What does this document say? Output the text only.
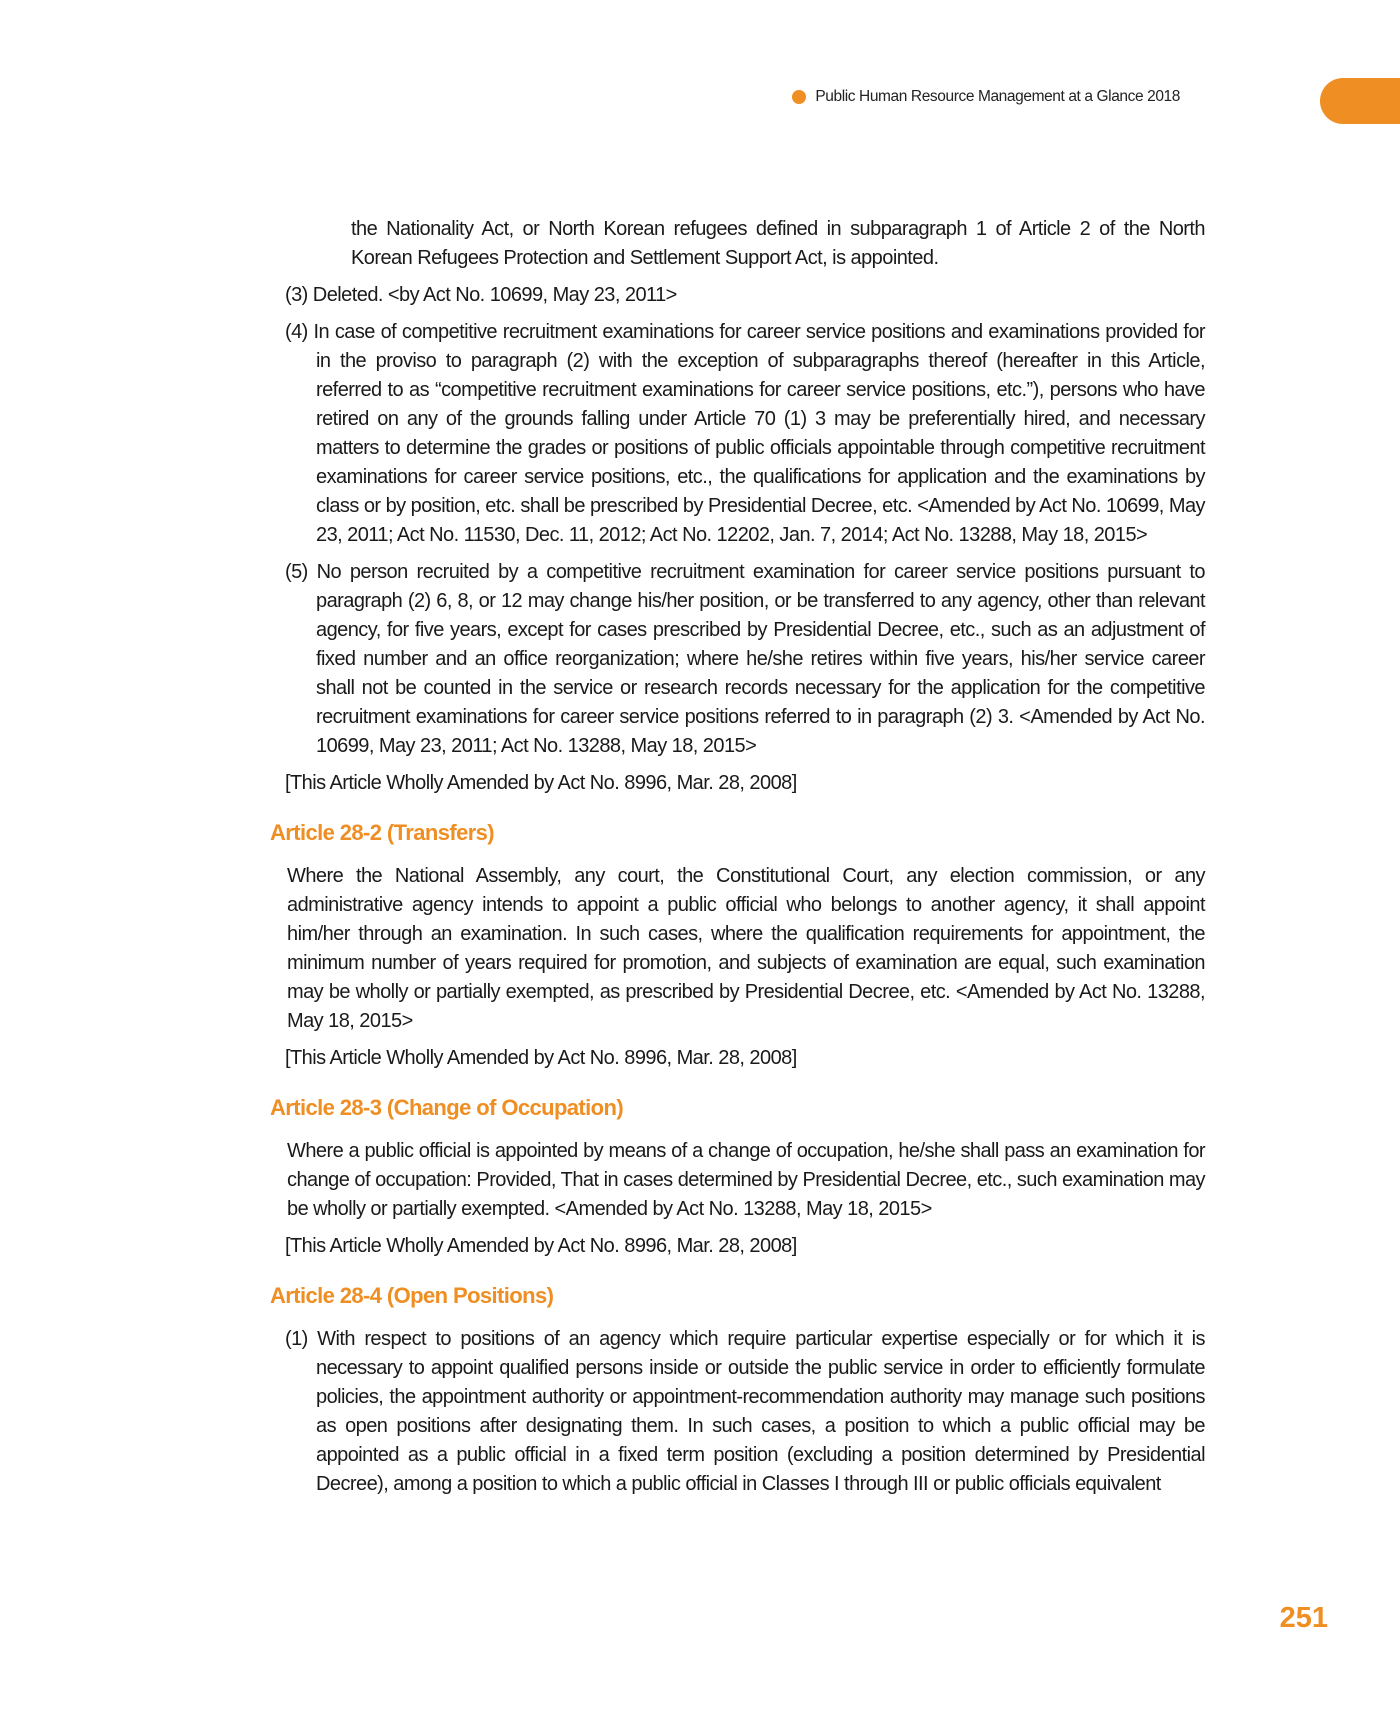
Public Human Resource Management at a Glance 2018

the Nationality Act, or North Korean refugees defined in subparagraph 1 of Article 2 of the North Korean Refugees Protection and Settlement Support Act, is appointed.

(3) Deleted. <by Act No. 10699, May 23, 2011>

(4) In case of competitive recruitment examinations for career service positions and examinations provided for in the proviso to paragraph (2) with the exception of subparagraphs thereof (hereafter in this Article, referred to as “competitive recruitment examinations for career service positions, etc.”), persons who have retired on any of the grounds falling under Article 70 (1) 3 may be preferentially hired, and necessary matters to determine the grades or positions of public officials appointable through competitive recruitment examinations for career service positions, etc., the qualifications for application and the examinations by class or by position, etc. shall be prescribed by Presidential Decree, etc. <Amended by Act No. 10699, May 23, 2011; Act No. 11530, Dec. 11, 2012; Act No. 12202, Jan. 7, 2014; Act No. 13288, May 18, 2015>

(5) No person recruited by a competitive recruitment examination for career service positions pursuant to paragraph (2) 6, 8, or 12 may change his/her position, or be transferred to any agency, other than relevant agency, for five years, except for cases prescribed by Presidential Decree, etc., such as an adjustment of fixed number and an office reorganization; where he/she retires within five years, his/her service career shall not be counted in the service or research records necessary for the application for the competitive recruitment examinations for career service positions referred to in paragraph (2) 3. <Amended by Act No. 10699, May 23, 2011; Act No. 13288, May 18, 2015>

[This Article Wholly Amended by Act No. 8996, Mar. 28, 2008]

Article 28-2 (Transfers)

Where the National Assembly, any court, the Constitutional Court, any election commission, or any administrative agency intends to appoint a public official who belongs to another agency, it shall appoint him/her through an examination. In such cases, where the qualification requirements for appointment, the minimum number of years required for promotion, and subjects of examination are equal, such examination may be wholly or partially exempted, as prescribed by Presidential Decree, etc. <Amended by Act No. 13288, May 18, 2015>

[This Article Wholly Amended by Act No. 8996, Mar. 28, 2008]

Article 28-3 (Change of Occupation)

Where a public official is appointed by means of a change of occupation, he/she shall pass an examination for change of occupation: Provided, That in cases determined by Presidential Decree, etc., such examination may be wholly or partially exempted. <Amended by Act No. 13288, May 18, 2015>

[This Article Wholly Amended by Act No. 8996, Mar. 28, 2008]

Article 28-4 (Open Positions)

(1) With respect to positions of an agency which require particular expertise especially or for which it is necessary to appoint qualified persons inside or outside the public service in order to efficiently formulate policies, the appointment authority or appointment-recommendation authority may manage such positions as open positions after designating them. In such cases, a position to which a public official may be appointed as a public official in a fixed term position (excluding a position determined by Presidential Decree), among a position to which a public official in Classes I through III or public officials equivalent

251
